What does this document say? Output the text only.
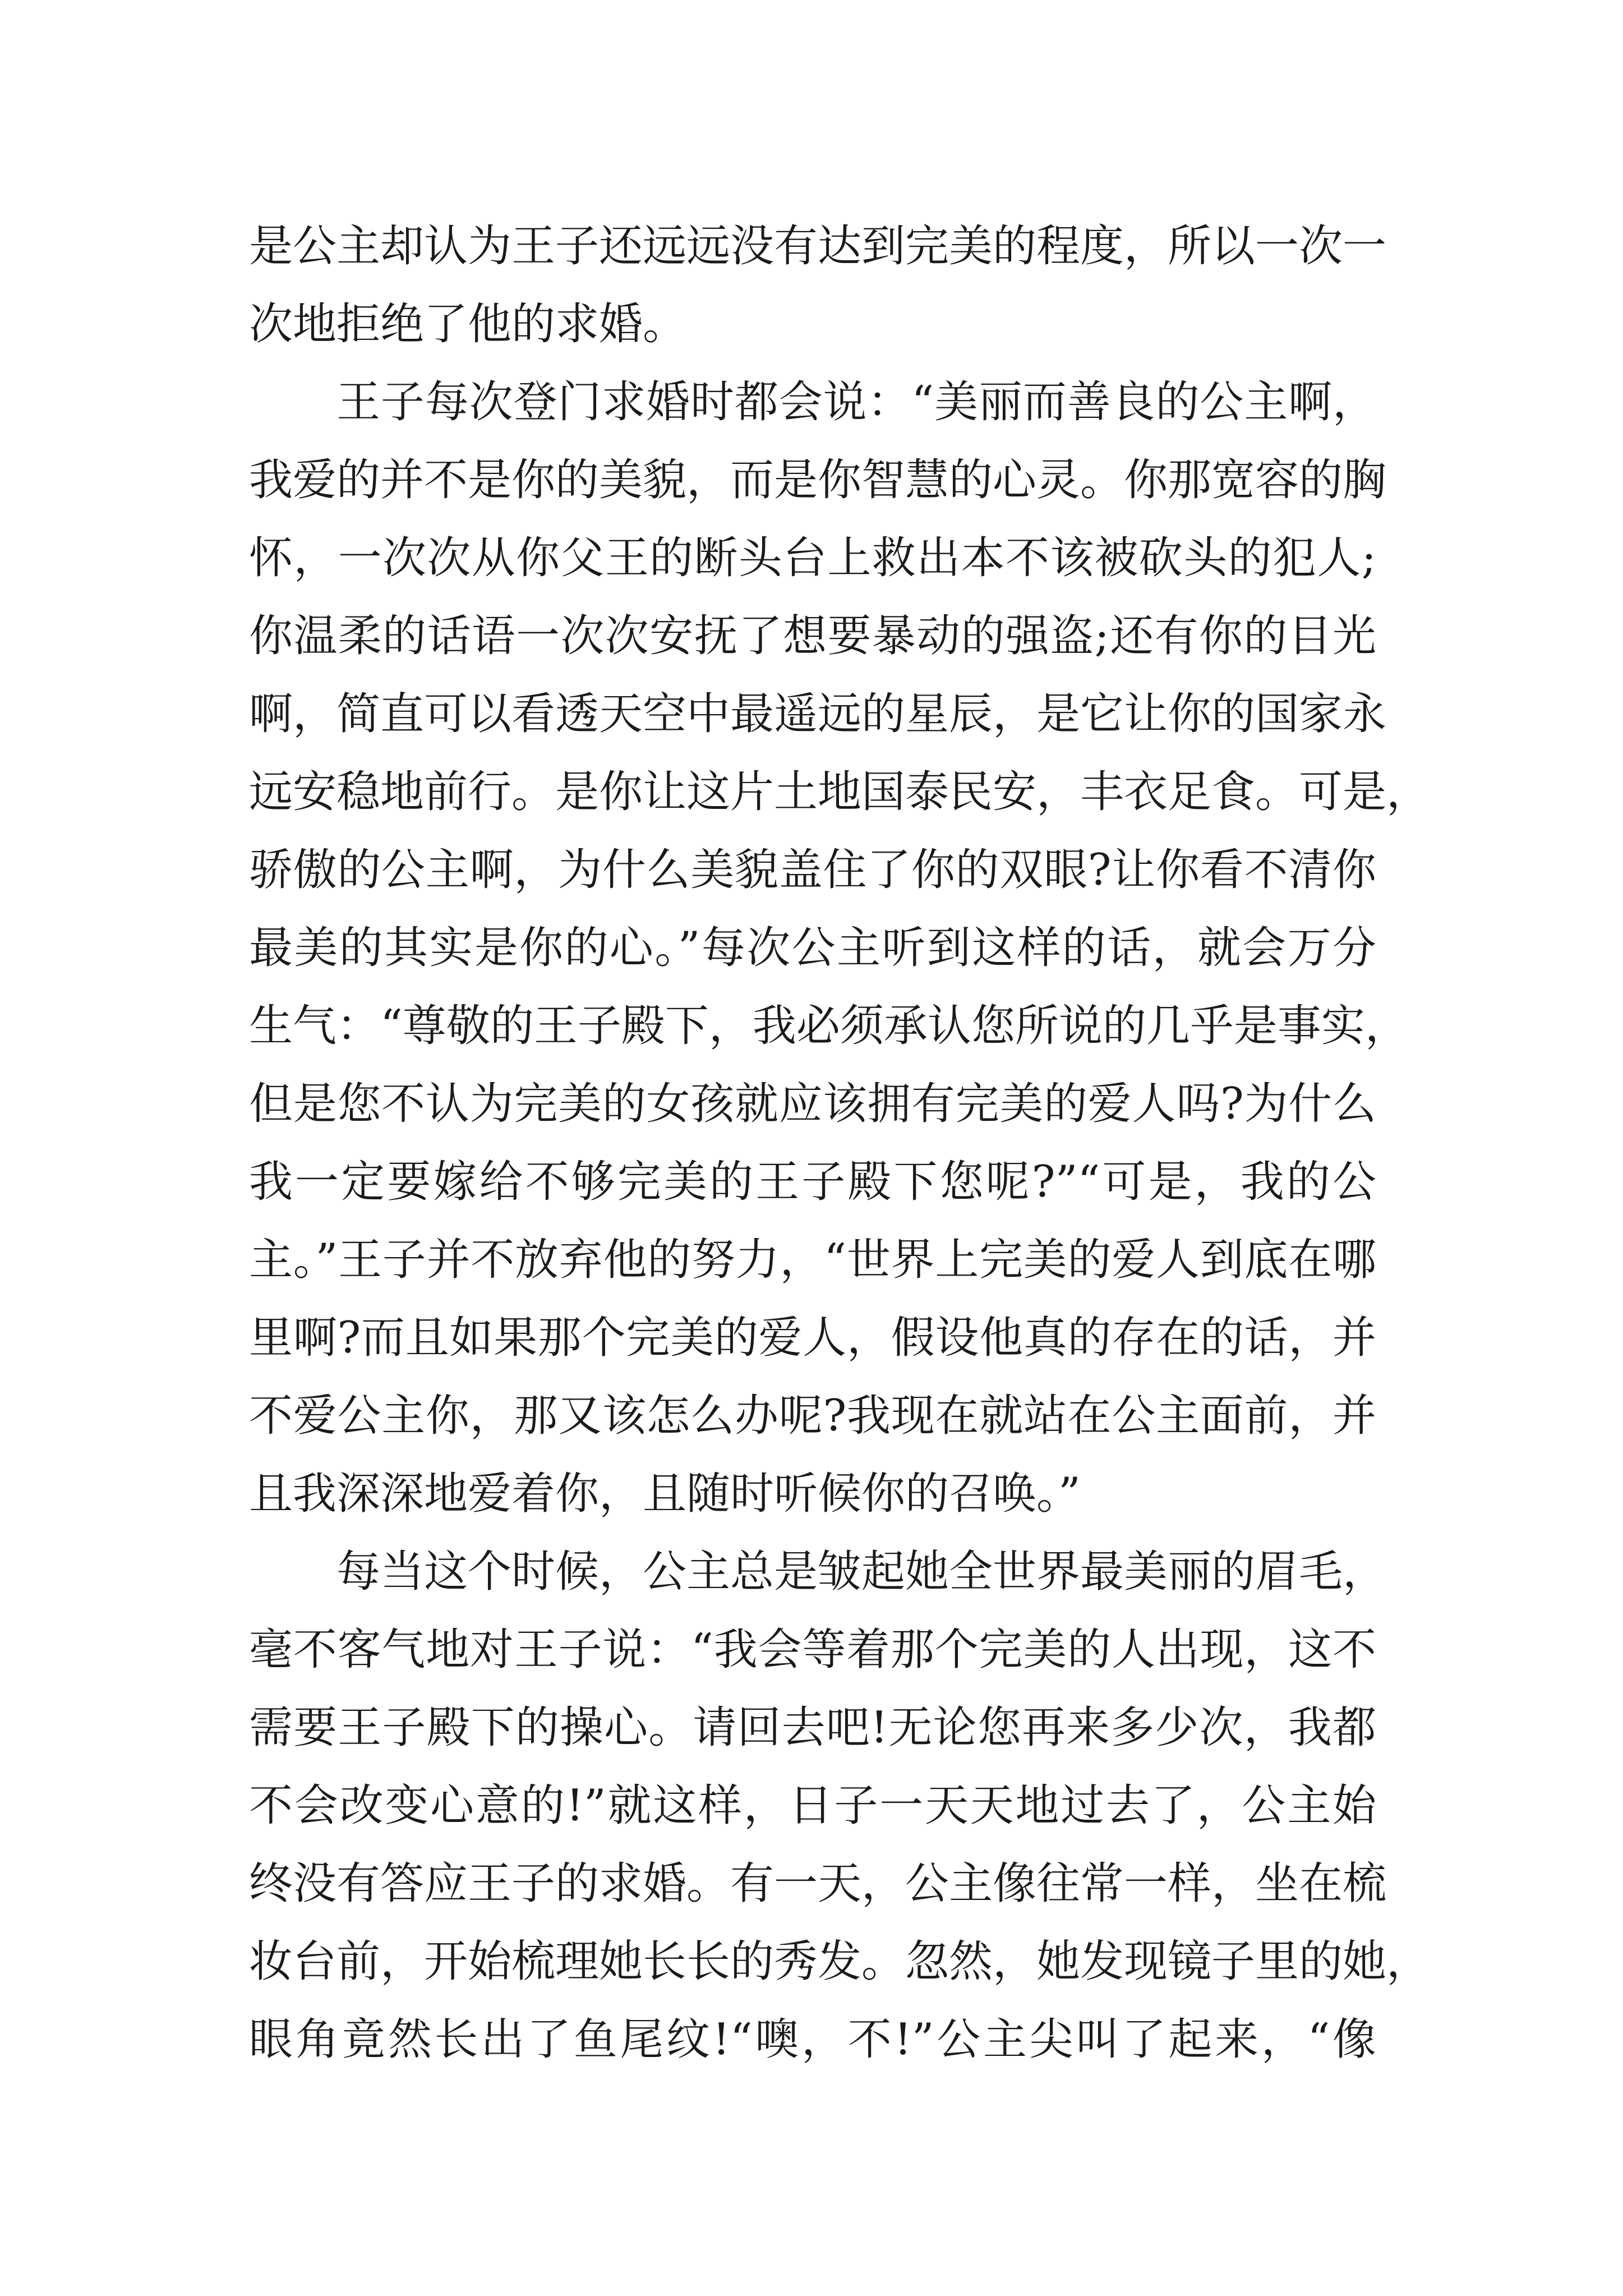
是公主却认为王子还远远没有达到完美的程度，所以一次一
次地拒绝了他的求婚。
王子每次登门求婚时都会说：“美丽而善良的公主啊，
我爱的并不是你的美貌，而是你智慧的心灵。你那宽容的胸
怀，一次次从你父王的断头台上救出本不该被砍头的犯人;
你温柔的话语一次次安抚了想要暴动的强盗;还有你的目光
啊，简直可以看透天空中最遥远的星辰，是它让你的国家永
远安稳地前行。是你让这片土地国泰民安，丰衣足食。可是，
骄傲的公主啊，为什么美貌盖住了你的双眼?让你看不清你
最美的其实是你的心。”每次公主听到这样的话，就会万分
生气：“尊敬的王子殿下，我必须承认您所说的几乎是事实，
但是您不认为完美的女孩就应该拥有完美的爱人吗?为什么
我一定要嫁给不够完美的王子殿下您呢?”“可是，我的公
主。”王子并不放弃他的努力，“世界上完美的爱人到底在哪
里啊?而且如果那个完美的爱人，假设他真的存在的话，并
不爱公主你，那又该怎么办呢?我现在就站在公主面前，并
且我深深地爱着你，且随时听候你的召唤。”
每当这个时候，公主总是皱起她全世界最美丽的眉毛，
毫不客气地对王子说：“我会等着那个完美的人出现，这不
需要王子殿下的操心。请回去吧!无论您再来多少次，我都
不会改变心意的!”就这样，日子一天天地过去了，公主始
终没有答应王子的求婚。有一天，公主像往常一样，坐在梳
妆台前，开始梳理她长长的秀发。忽然，她发现镜子里的她，
眼角竟然长出了鱼尾纹!“噢，不!”公主尖叫了起来，“像
